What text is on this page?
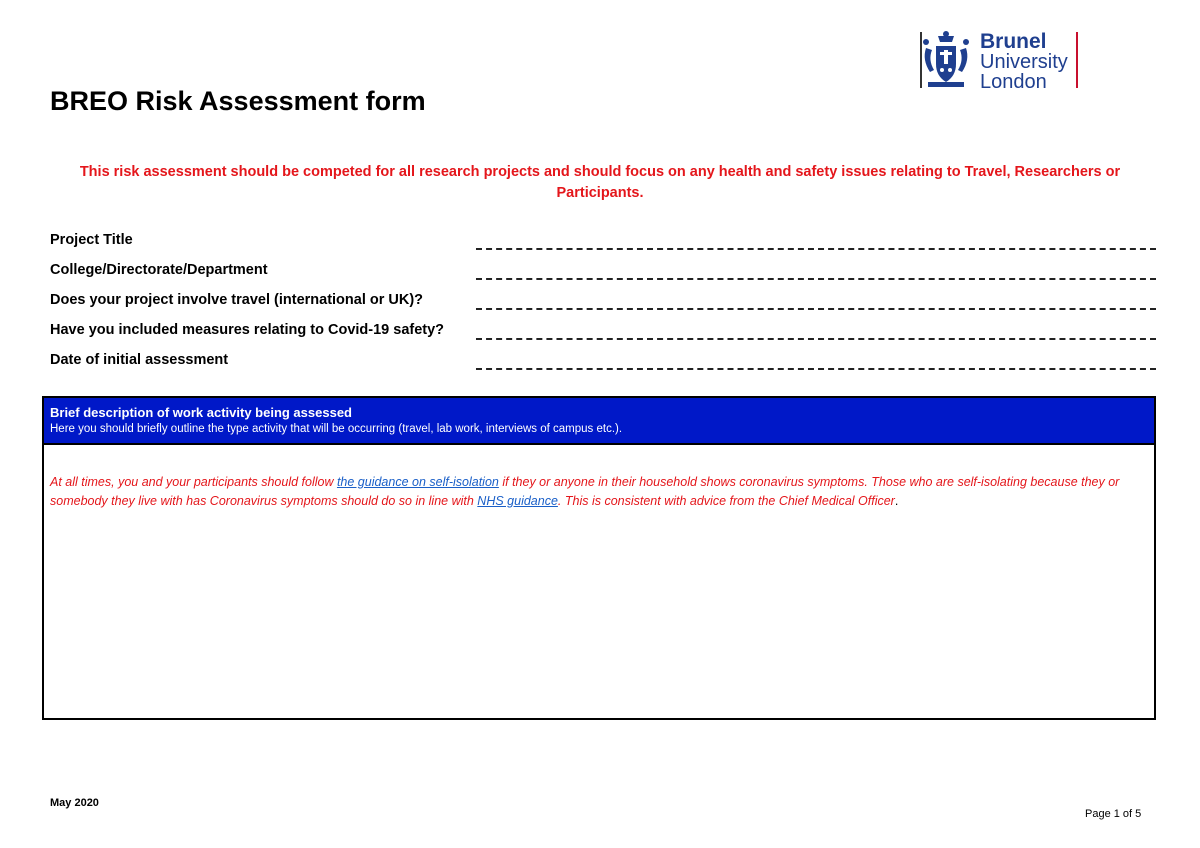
Brunel
University
London
BREO Risk Assessment form
This risk assessment should be competed for all research projects and should focus on any health and safety issues relating to Travel, Researchers or Participants.
Project Title
College/Directorate/Department
Does your project involve travel (international or UK)?
Have you included measures relating to Covid-19 safety?
Date of initial assessment
Brief description of work activity being assessed
Here you should briefly outline the type activity that will be occurring (travel, lab work, interviews of campus etc.).
At all times, you and your participants should follow the guidance on self-isolation if they or anyone in their household shows coronavirus symptoms. Those who are self-isolating because they or somebody they live with has Coronavirus symptoms should do so in line with NHS guidance. This is consistent with advice from the Chief Medical Officer.
May 2020
Page 1 of 5
